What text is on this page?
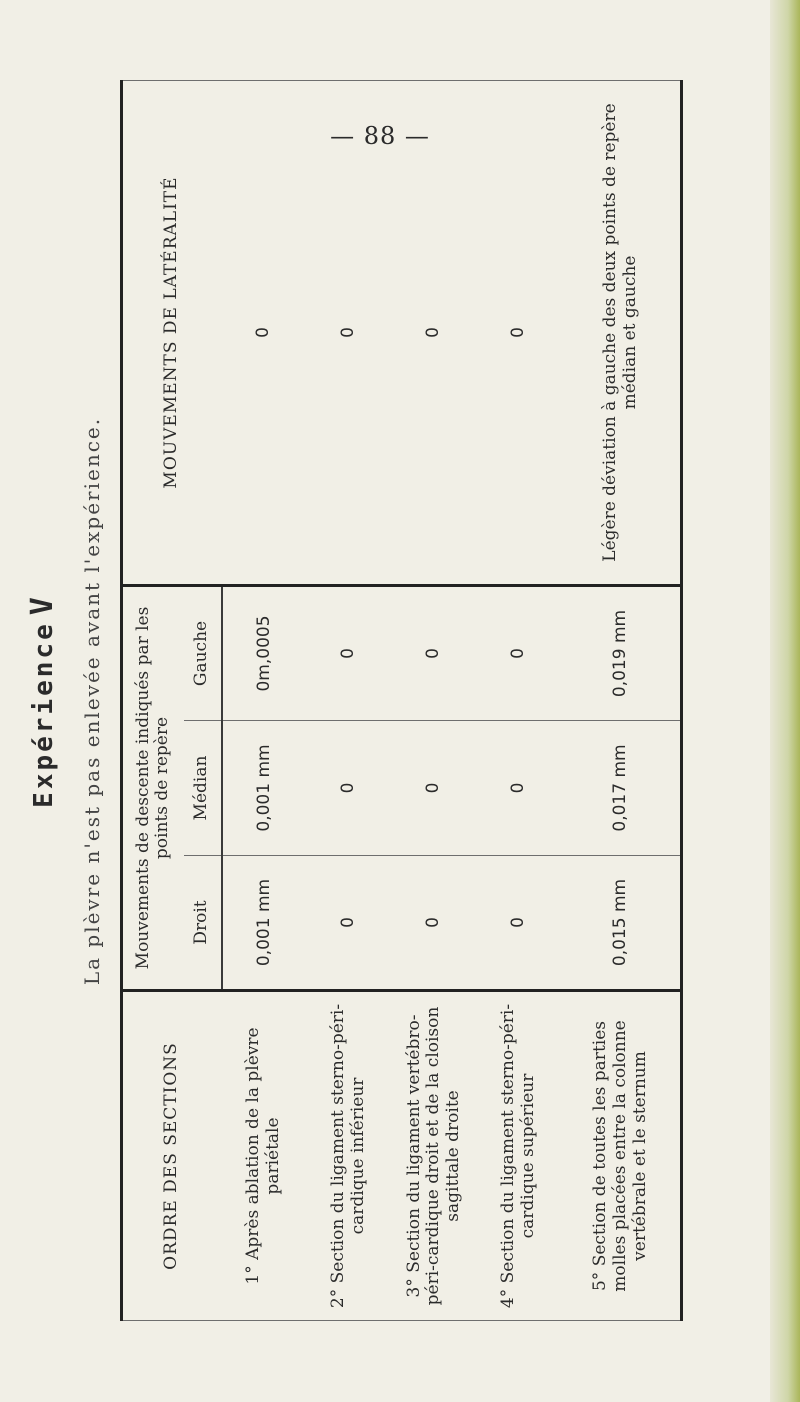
— 88 —
ExpérienceV La plèvre n'est pas enlevée avant l'expérience.
ORDRE DES SECTIONS	Mouvements de descente indiqués par les points de repère			MOUVEMENTS DE LATÉRALITÉ
	Droit	Médian	Gauche	
1° Après ablation de la plèvre pariétale	0,001 mm	0,001 mm	0m,0005	0
2° Section du ligament sterno-péri-cardique inférieur	0	0	0	0
3° Section du ligament vertébro-péri-cardique droit et de la cloison sagittale droite	0	0	0	0
4° Section du ligament sterno-péri-cardique supérieur	0	0	0	0
5° Section de toutes les parties molles placées entre la colonne vertébrale et le sternum	0,015 mm	0,017 mm	0,019 mm	Légère déviation à gauche des deux points de repère médian et gauche
